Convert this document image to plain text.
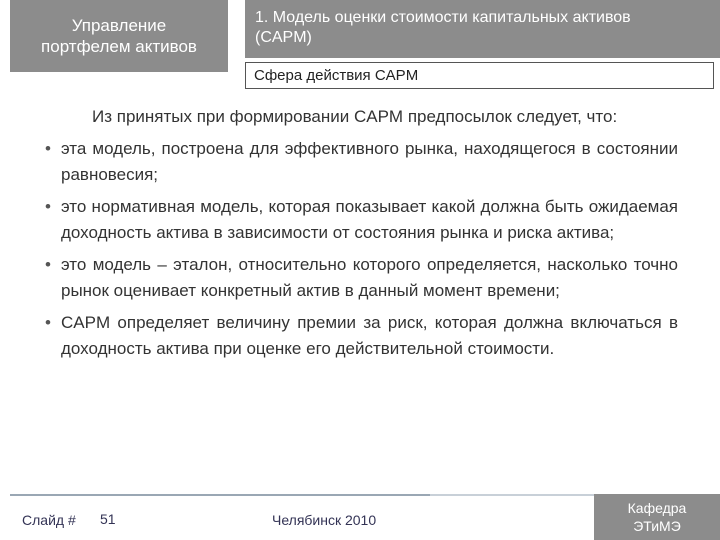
Управление
портфелем активов
1. Модель оценки стоимости капитальных активов
(CAPM)
Сфера действия CAPM

Из принятых при формировании CAPM предпосылок следует, что:

• эта модель, построена для эффективного рынка, находящегося в состоянии равновесия;
• это нормативная модель, которая показывает какой должна быть ожидаемая доходность актива в зависимости от состояния рынка и риска актива;
• это модель – эталон, относительно которого определяется, насколько точно рынок оценивает конкретный актив в данный момент времени;
• CAPM определяет величину премии за риск, которая должна включаться в доходность актива при оценке его действительной стоимости.
Слайд # 51	Челябинск 2010
Кафедра
ЭТиМЭ
